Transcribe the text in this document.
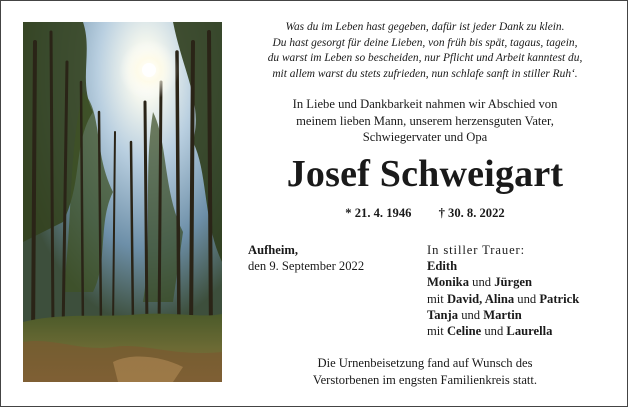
Was du im Leben hast gegeben, dafür ist jeder Dank zu klein.
Du hast gesorgt für deine Lieben, von früh bis spät, tagaus, tagein,
du warst im Leben so bescheiden, nur Pflicht und Arbeit kanntest du,
mit allem warst du stets zufrieden, nun schlafe sanft in stiller Ruh‘.
In Liebe und Dankbarkeit nahmen wir Abschied von
meinem lieben Mann, unserem herzensguten Vater,
Schwiegervater und Opa
Josef Schweigart
* 21. 4. 1946 † 30. 8. 2022
Aufheim,
den 9. September 2022
In stiller Trauer:
Edith
Monika und Jürgen
mit David, Alina und Patrick
Tanja und Martin
mit Celine und Laurella
Die Urnenbeisetzung fand auf Wunsch des
Verstorbenen im engsten Familienkreis statt.
